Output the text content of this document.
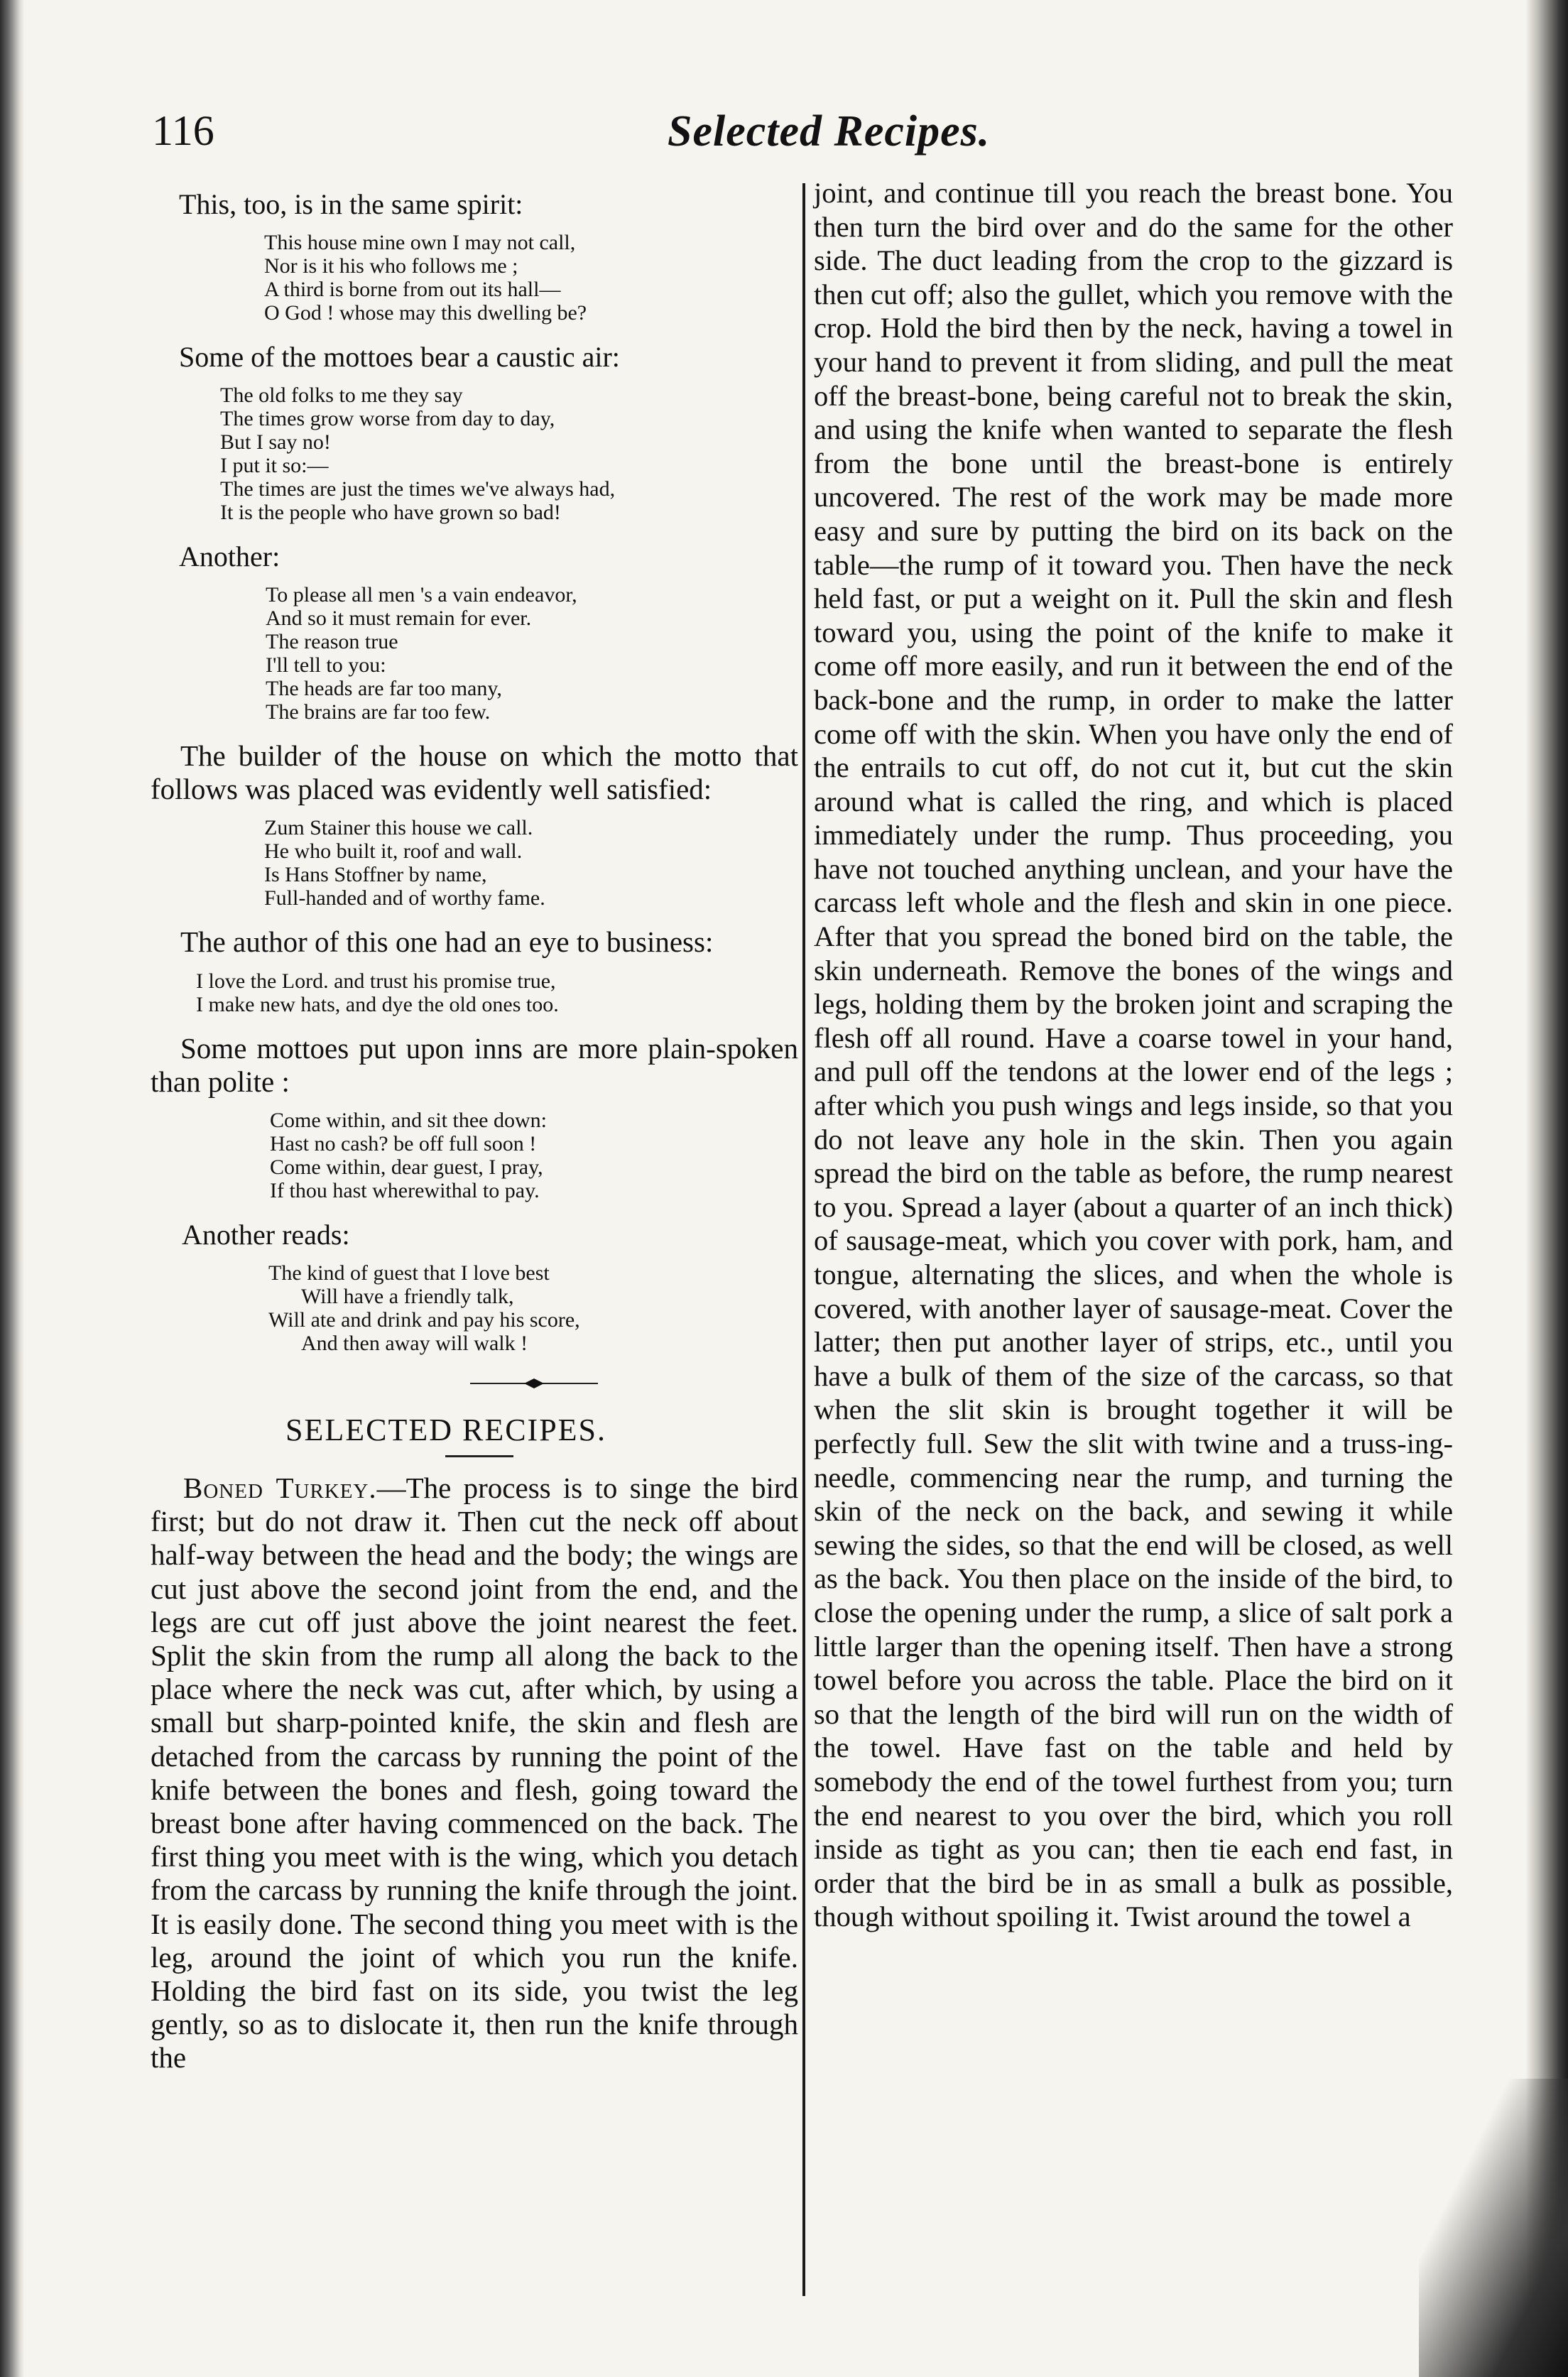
116	Selected Recipes.

This, too, is in the same spirit:

This house mine own I may not call,
Nor is it his who follows me ;
A third is borne from out its hall—
O God ! whose may this dwelling be?

Some of the mottoes bear a caustic air:

The old folks to me they say
The times grow worse from day to day,
But I say no!
I put it so:—
The times are just the times we've always had,
It is the people who have grown so bad!

Another:

To please all men 's a vain endeavor,
And so it must remain for ever.
The reason true
I'll tell to you:
The heads are far too many,
The brains are far too few.

The builder of the house on which the motto that follows was placed was evidently well satisfied:

Zum Stainer this house we call.
He who built it, roof and wall.
Is Hans Stoffner by name,
Full-handed and of worthy fame.

The author of this one had an eye to business:

I love the Lord. and trust his promise true,
I make new hats, and dye the old ones too.

Some mottoes put upon inns are more plain-spoken than polite :

Come within, and sit thee down:
Hast no cash? be off full soon !
Come within, dear guest, I pray,
If thou hast wherewithal to pay.

Another reads:

The kind of guest that I love best
Will have a friendly talk,
Will ate and drink and pay his score,
And then away will walk !
SELECTED RECIPES.

Boned Turkey.—The process is to singe the bird first; but do not draw it. Then cut the neck off about half-way between the head and the body; the wings are cut just above the second joint from the end, and the legs are cut off just above the joint nearest the feet. Split the skin from the rump all along the back to the place where the neck was cut, after which, by using a small but sharp-pointed knife, the skin and flesh are detached from the carcass by running the point of the knife between the bones and flesh, going toward the breast bone after having commenced on the back. The first thing you meet with is the wing, which you detach from the carcass by running the knife through the joint. It is easily done. The second thing you meet with is the leg, around the joint of which you run the knife. Holding the bird fast on its side, you twist the leg gently, so as to dislocate it, then run the knife through the

joint, and continue till you reach the breast bone. You then turn the bird over and do the same for the other side. The duct leading from the crop to the gizzard is then cut off; also the gullet, which you remove with the crop. Hold the bird then by the neck, having a towel in your hand to prevent it from sliding, and pull the meat off the breast-bone, being careful not to break the skin, and using the knife when wanted to separate the flesh from the bone until the breast-bone is entirely uncovered. The rest of the work may be made more easy and sure by putting the bird on its back on the table—the rump of it toward you. Then have the neck held fast, or put a weight on it. Pull the skin and flesh toward you, using the point of the knife to make it come off more easily, and run it between the end of the back-bone and the rump, in order to make the latter come off with the skin. When you have only the end of the entrails to cut off, do not cut it, but cut the skin around what is called the ring, and which is placed immediately under the rump. Thus proceeding, you have not touched anything unclean, and your have the carcass left whole and the flesh and skin in one piece. After that you spread the boned bird on the table, the skin underneath. Remove the bones of the wings and legs, holding them by the broken joint and scraping the flesh off all round. Have a coarse towel in your hand, and pull off the tendons at the lower end of the legs ; after which you push wings and legs inside, so that you do not leave any hole in the skin. Then you again spread the bird on the table as before, the rump nearest to you. Spread a layer (about a quarter of an inch thick) of sausage-meat, which you cover with pork, ham, and tongue, alternating the slices, and when the whole is covered, with another layer of sausage-meat. Cover the latter; then put another layer of strips, etc., until you have a bulk of them of the size of the carcass, so that when the slit skin is brought together it will be perfectly full. Sew the slit with twine and a truss-ing-needle, commencing near the rump, and turning the skin of the neck on the back, and sewing it while sewing the sides, so that the end will be closed, as well as the back. You then place on the inside of the bird, to close the opening under the rump, a slice of salt pork a little larger than the opening itself. Then have a strong towel before you across the table. Place the bird on it so that the length of the bird will run on the width of the towel. Have fast on the table and held by somebody the end of the towel furthest from you; turn the end nearest to you over the bird, which you roll inside as tight as you can; then tie each end fast, in order that the bird be in as small a bulk as possible, though without spoiling it. Twist around the towel a
